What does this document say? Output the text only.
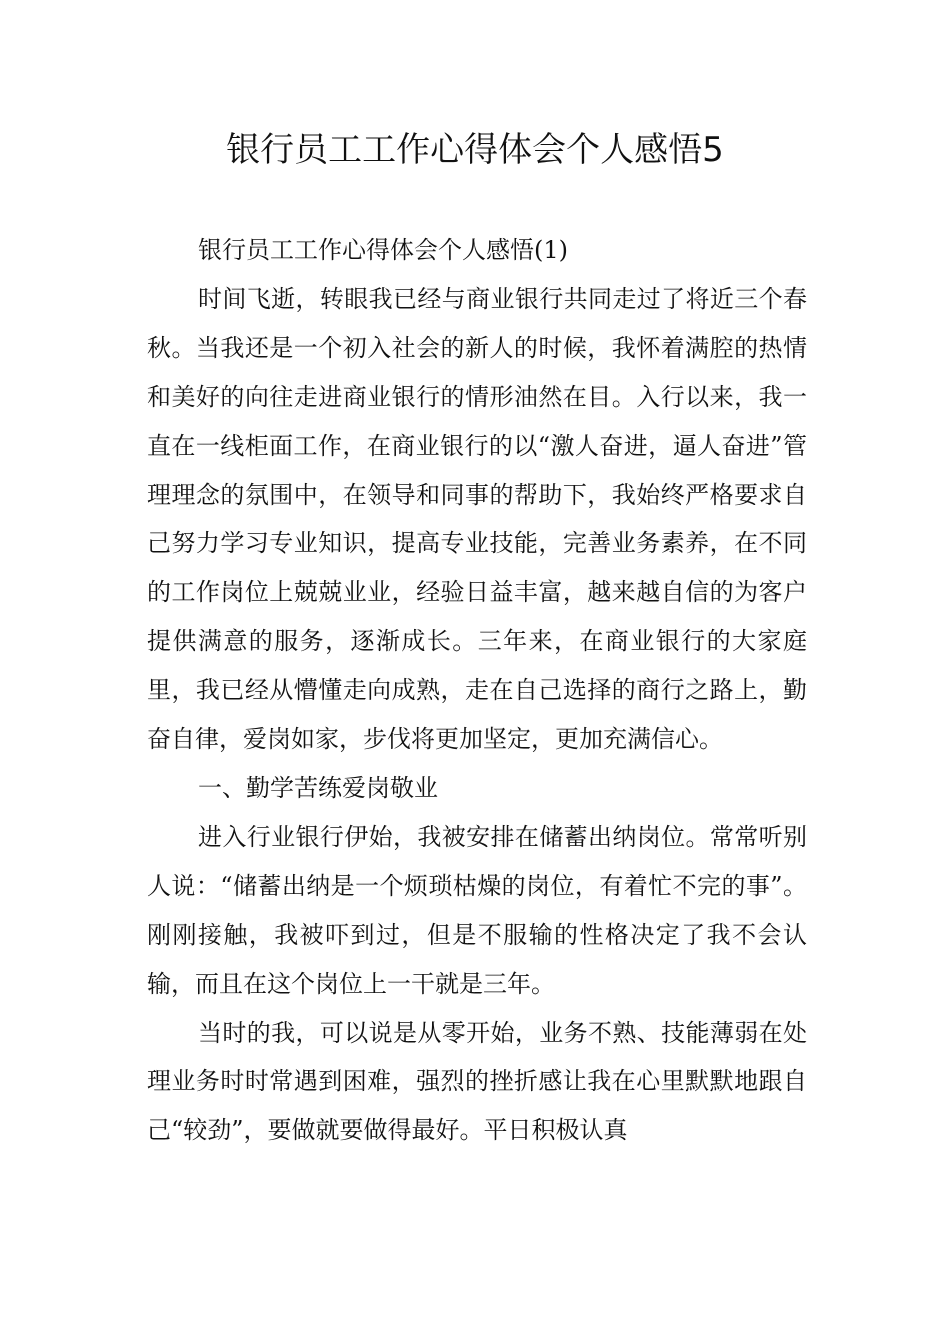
银行员工工作心得体会个人感悟5

银行员工工作心得体会个人感悟(1)

时间飞逝，转眼我已经与商业银行共同走过了将近三个春秋。当我还是一个初入社会的新人的时候，我怀着满腔的热情和美好的向往走进商业银行的情形油然在目。入行以来，我一直在一线柜面工作，在商业银行的以“激人奋进，逼人奋进”管理理念的氛围中，在领导和同事的帮助下，我始终严格要求自己努力学习专业知识，提高专业技能，完善业务素养，在不同的工作岗位上兢兢业业，经验日益丰富，越来越自信的为客户提供满意的服务，逐渐成长。三年来，在商业银行的大家庭里，我已经从懵懂走向成熟，走在自己选择的商行之路上，勤奋自律，爱岗如家，步伐将更加坚定，更加充满信心。

一、勤学苦练爱岗敬业

进入行业银行伊始，我被安排在储蓄出纳岗位。常常听别人说：“储蓄出纳是一个烦琐枯燥的岗位，有着忙不完的事”。刚刚接触，我被吓到过，但是不服输的性格决定了我不会认输，而且在这个岗位上一干就是三年。

当时的我，可以说是从零开始，业务不熟、技能薄弱在处理业务时时常遇到困难，强烈的挫折感让我在心里默默地跟自己“较劲”，要做就要做得最好。平日积极认真
